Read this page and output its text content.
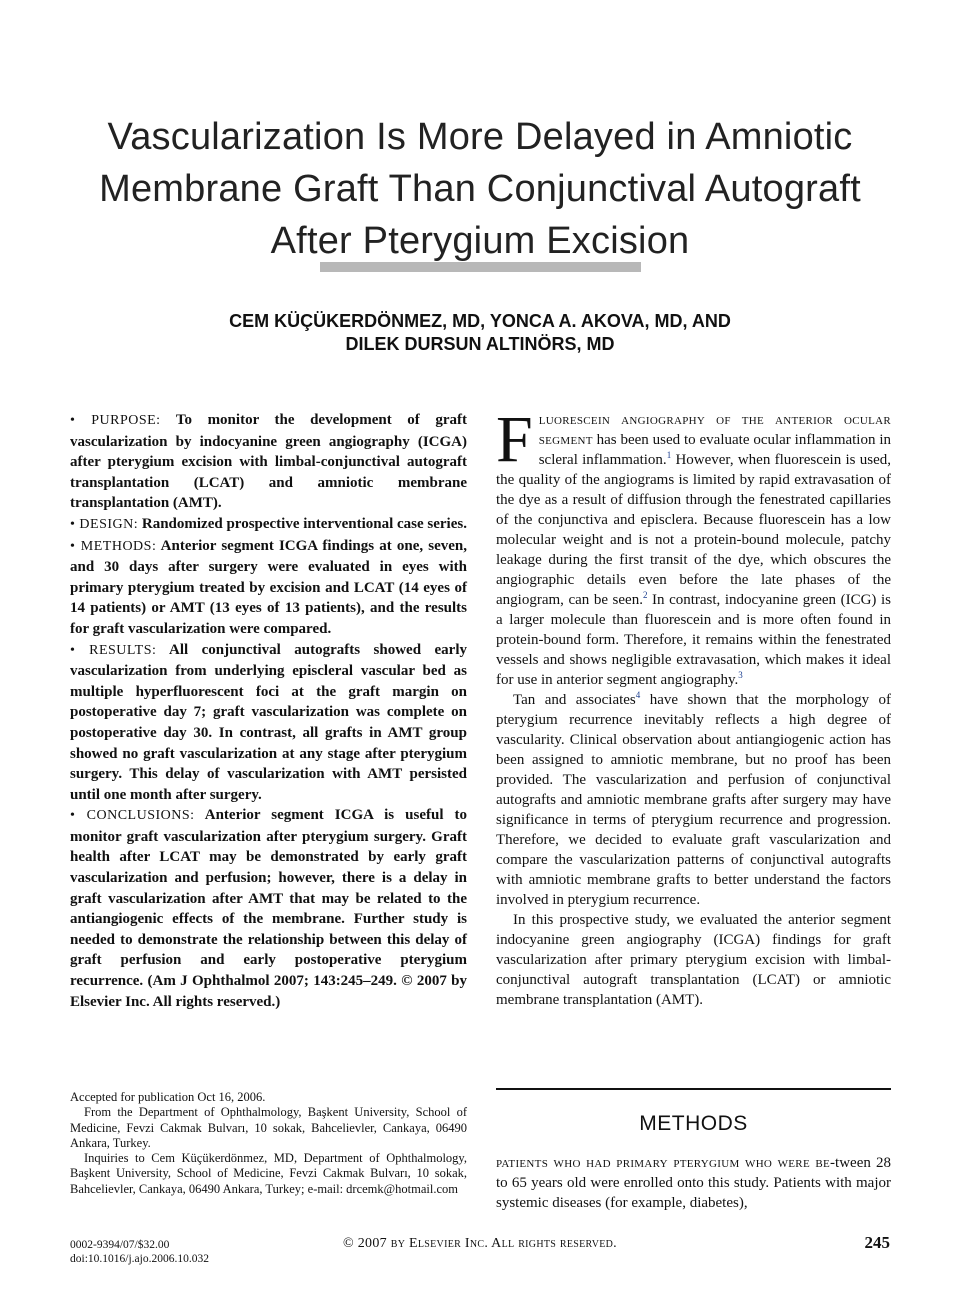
Vascularization Is More Delayed in Amniotic Membrane Graft Than Conjunctival Autograft After Pterygium Excision
CEM KÜÇÜKERDÖNMEZ, MD, YONCA A. AKOVA, MD, AND
DILEK DURSUN ALTINÖRS, MD

• PURPOSE: To monitor the development of graft vascularization by indocyanine green angiography (ICGA) after pterygium excision with limbal-conjunctival autograft transplantation (LCAT) and amniotic membrane transplantation (AMT).

• DESIGN: Randomized prospective interventional case series.

• METHODS: Anterior segment ICGA findings at one, seven, and 30 days after surgery were evaluated in eyes with primary pterygium treated by excision and LCAT (14 eyes of 14 patients) or AMT (13 eyes of 13 patients), and the results for graft vascularization were compared.

• RESULTS: All conjunctival autografts showed early vascularization from underlying episcleral vascular bed as multiple hyperfluorescent foci at the graft margin on postoperative day 7; graft vascularization was complete on postoperative day 30. In contrast, all grafts in AMT group showed no graft vascularization at any stage after pterygium surgery. This delay of vascularization with AMT persisted until one month after surgery.

• CONCLUSIONS: Anterior segment ICGA is useful to monitor graft vascularization after pterygium surgery. Graft health after LCAT may be demonstrated by early graft vascularization and perfusion; however, there is a delay in graft vascularization after AMT that may be related to the antiangiogenic effects of the membrane. Further study is needed to demonstrate the relationship between this delay of graft perfusion and early postoperative pterygium recurrence. (Am J Ophthalmol 2007; 143:245–249. © 2007 by Elsevier Inc. All rights reserved.)

Accepted for publication Oct 16, 2006.

From the Department of Ophthalmology, Başkent University, School of Medicine, Fevzi Cakmak Bulvarı, 10 sokak, Bahcelievler, Cankaya, 06490 Ankara, Turkey.

Inquiries to Cem Küçükerdönmez, MD, Department of Ophthalmology, Başkent University, School of Medicine, Fevzi Cakmak Bulvarı, 10 sokak, Bahcelievler, Cankaya, 06490 Ankara, Turkey; e-mail: drcemk@hotmail.com

0002-9394/07/$32.00
doi:10.1016/j.ajo.2006.10.032
© 2007 by Elsevier Inc. All rights reserved.	245

Fluorescein angiography of the anterior ocular segment has been used to evaluate ocular inflammation in scleral inflammation.$^1$ However, when fluorescein is used, the quality of the angiograms is limited by rapid extravasation of the dye as a result of diffusion through the fenestrated capillaries of the conjunctiva and episclera. Because fluorescein has a low molecular weight and is not a protein-bound molecule, patchy leakage during the first transit of the dye, which obscures the angiographic details even before the late phases of the angiogram, can be seen.$^2$ In contrast, indocyanine green (ICG) is a larger molecule than fluorescein and is more often found in protein-bound form. Therefore, it remains within the fenestrated vessels and shows negligible extravasation, which makes it ideal for use in anterior segment angiography.$^3$

Tan and associates$^4$ have shown that the morphology of pterygium recurrence inevitably reflects a high degree of vascularity. Clinical observation about antiangiogenic action has been assigned to amniotic membrane, but no proof has been provided. The vascularization and perfusion of conjunctival autografts and amniotic membrane grafts after surgery may have significance in terms of pterygium recurrence and progression. Therefore, we decided to evaluate graft vascularization and compare the vascularization patterns of conjunctival autografts with amniotic membrane grafts to better understand the factors involved in pterygium recurrence.

In this prospective study, we evaluated the anterior segment indocyanine green angiography (ICGA) findings for graft vascularization after primary pterygium excision with limbal-conjunctival autograft transplantation (LCAT) or amniotic membrane transplantation (AMT).

METHODS

patients who had primary pterygium who were be-tween 28 to 65 years old were enrolled onto this study. Patients with major systemic diseases (for example, diabetes),
